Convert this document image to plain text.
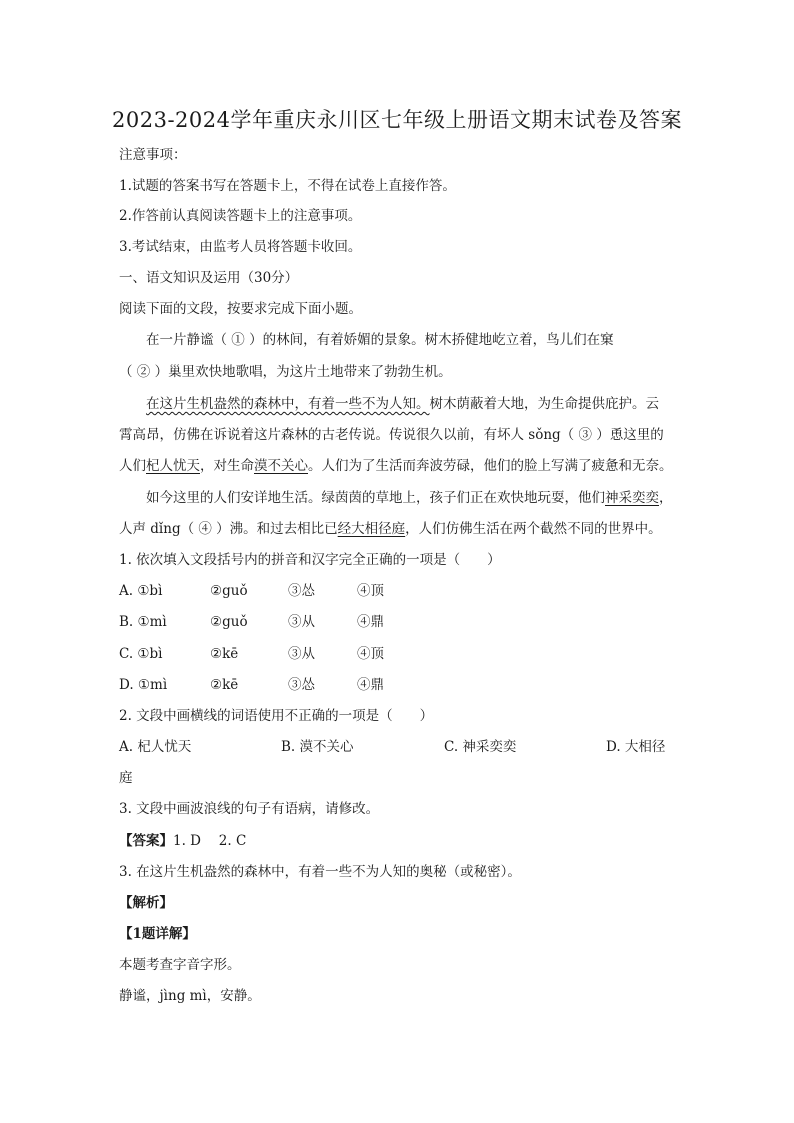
2023-2024学年重庆永川区七年级上册语文期末试卷及答案
注意事项：
1.试题的答案书写在答题卡上，不得在试卷上直接作答。
2.作答前认真阅读答题卡上的注意事项。
3.考试结束，由监考人员将答题卡收回。
一、语文知识及运用（30分）
阅读下面的文段，按要求完成下面小题。
在一片静谧（ ① ）的林间，有着娇媚的景象。树木挢健地屹立着，鸟儿们在窠
（ ② ）巢里欢快地歌唱，为这片土地带来了勃勃生机。
在这片生机盎然的森林中，有着一些不为人知。树木荫蔽着大地，为生命提供庇护。云
霄高昂，仿佛在诉说着这片森林的古老传说。传说很久以前，有坏人 sǒng（ ③ ）恿这里的
人们杞人忧天，对生命漠不关心。人们为了生活而奔波劳碌，他们的脸上写满了疲惫和无奈。
如今这里的人们安详地生活。绿茵茵的草地上，孩子们正在欢快地玩耍，他们神采奕奕，
人声 dǐng（ ④ ）沸。和过去相比已经大相径庭，人们仿佛生活在两个截然不同的世界中。
1. 依次填入文段括号内的拼音和汉字完全正确的一项是（　　）
A. ①bì	②guǒ	③怂	④顶
B. ①mì	②guǒ	③从	④鼎
C. ①bì	②kē	③从	④顶
D. ①mì	②kē	③怂	④鼎
2. 文段中画横线的词语使用不正确的一项是（　　）
A. 杞人忧天	B. 漠不关心	C. 神采奕奕	D. 大相径
庭
3. 文段中画波浪线的句子有语病，请修改。
【答案】1. D　 2. C
3. 在这片生机盎然的森林中，有着一些不为人知的奥秘（或秘密）。
【解析】
【1题详解】
本题考查字音字形。
静谧，jìng mì，安静。
